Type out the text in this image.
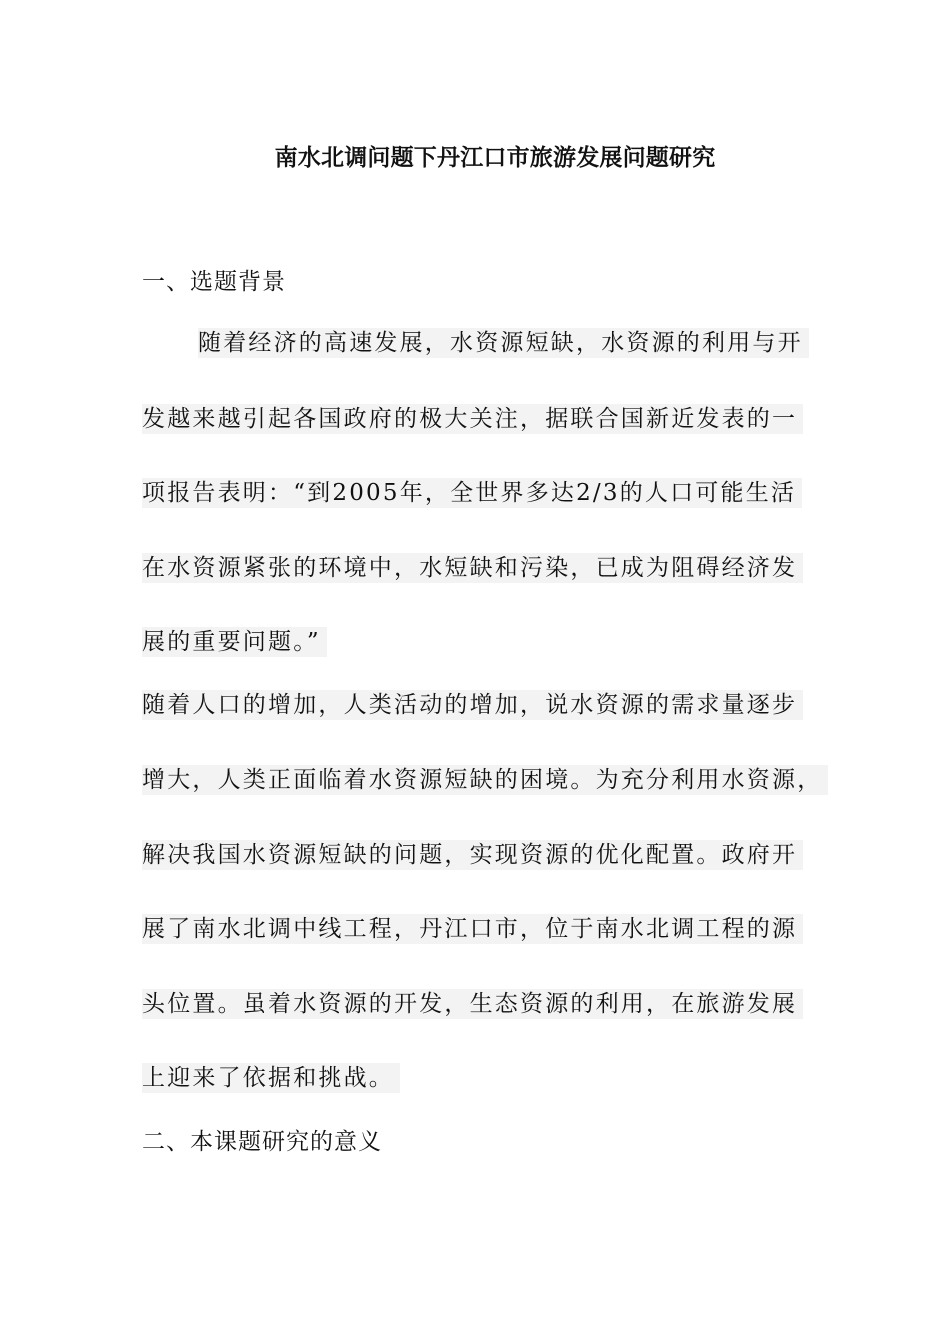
南水北调问题下丹江口市旅游发展问题研究
一、选题背景
随着经济的高速发展，水资源短缺，水资源的利用与开
发越来越引起各国政府的极大关注，据联合国新近发表的一
项报告表明：“到2005年，全世界多达2/3的人口可能生活
在水资源紧张的环境中，水短缺和污染，已成为阻碍经济发
展的重要问题。”
随着人口的增加，人类活动的增加，说水资源的需求量逐步
增大，人类正面临着水资源短缺的困境。为充分利用水资源，
解决我国水资源短缺的问题，实现资源的优化配置。政府开
展了南水北调中线工程，丹江口市，位于南水北调工程的源
头位置。虽着水资源的开发，生态资源的利用，在旅游发展
上迎来了依据和挑战。
二、本课题研究的意义
